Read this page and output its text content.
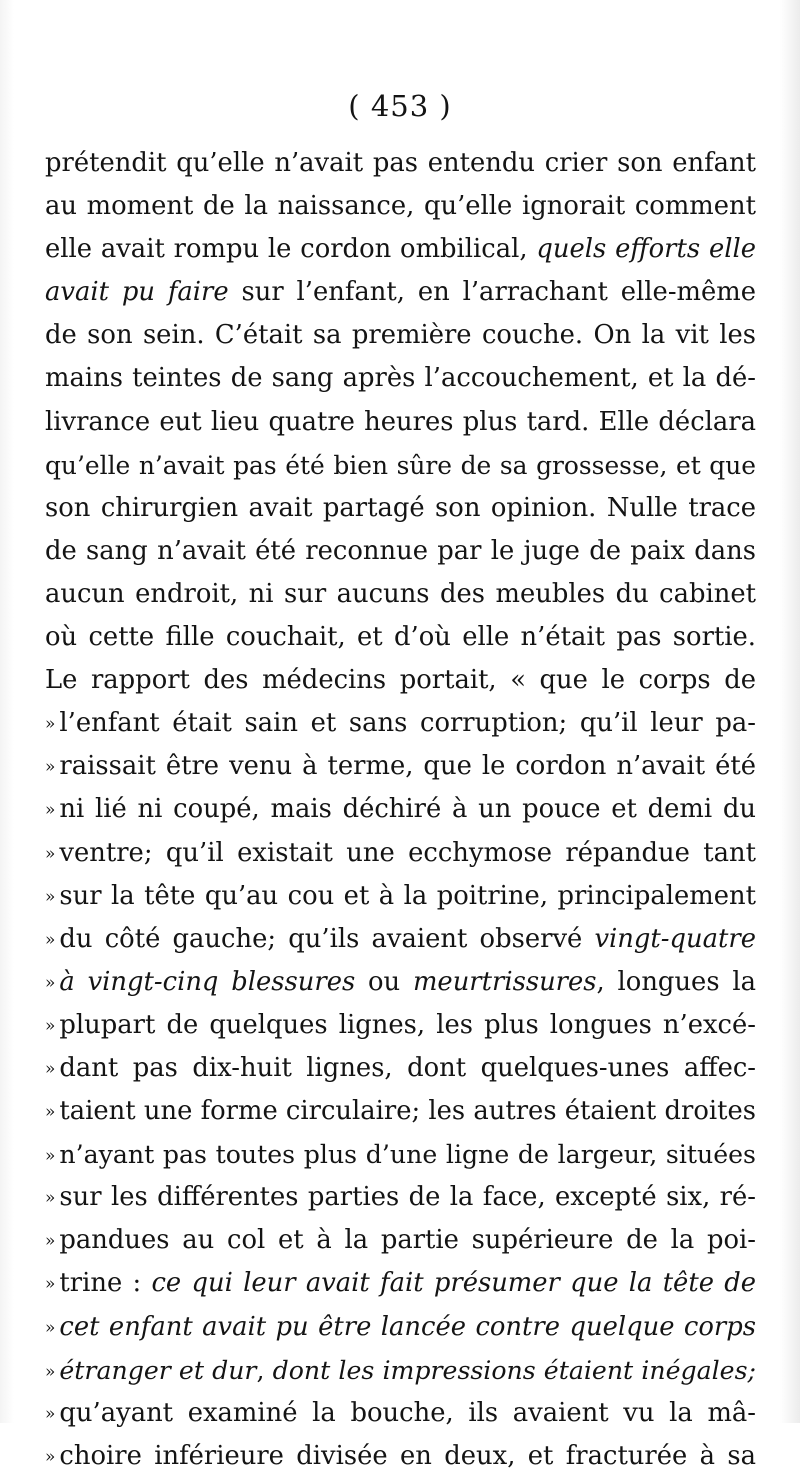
( 453 )
prétendit qu’elle n’avait pas entendu crier son enfant
au moment de la naissance, qu’elle ignorait comment
elle avait rompu le cordon ombilical, quels efforts elle
avait pu faire sur l’enfant, en l’arrachant elle-même
de son sein. C’était sa première couche. On la vit les
mains teintes de sang après l’accouchement, et la dé-
livrance eut lieu quatre heures plus tard. Elle déclara
qu’elle n’avait pas été bien sûre de sa grossesse, et que
son chirurgien avait partagé son opinion. Nulle trace
de sang n’avait été reconnue par le juge de paix dans
aucun endroit, ni sur aucuns des meubles du cabinet
où cette fille couchait, et d’où elle n’était pas sortie.
Le rapport des médecins portait, « que le corps de
» l’enfant était sain et sans corruption; qu’il leur pa-
» raissait être venu à terme, que le cordon n’avait été
» ni lié ni coupé, mais déchiré à un pouce et demi du
» ventre; qu’il existait une ecchymose répandue tant
» sur la tête qu’au cou et à la poitrine, principalement
» du côté gauche; qu’ils avaient observé vingt-quatre
» à vingt-cinq blessures ou meurtrissures, longues la
» plupart de quelques lignes, les plus longues n’excé-
» dant pas dix-huit lignes, dont quelques-unes affec-
» taient une forme circulaire; les autres étaient droites
» n’ayant pas toutes plus d’une ligne de largeur, situées
» sur les différentes parties de la face, excepté six, ré-
» pandues au col et à la partie supérieure de la poi-
» trine : ce qui leur avait fait présumer que la tête de
» cet enfant avait pu être lancée contre quelque corps
» étranger et dur, dont les impressions étaient inégales;
» qu’ayant examiné la bouche, ils avaient vu la mâ-
» choire inférieure divisée en deux, et fracturée à sa
